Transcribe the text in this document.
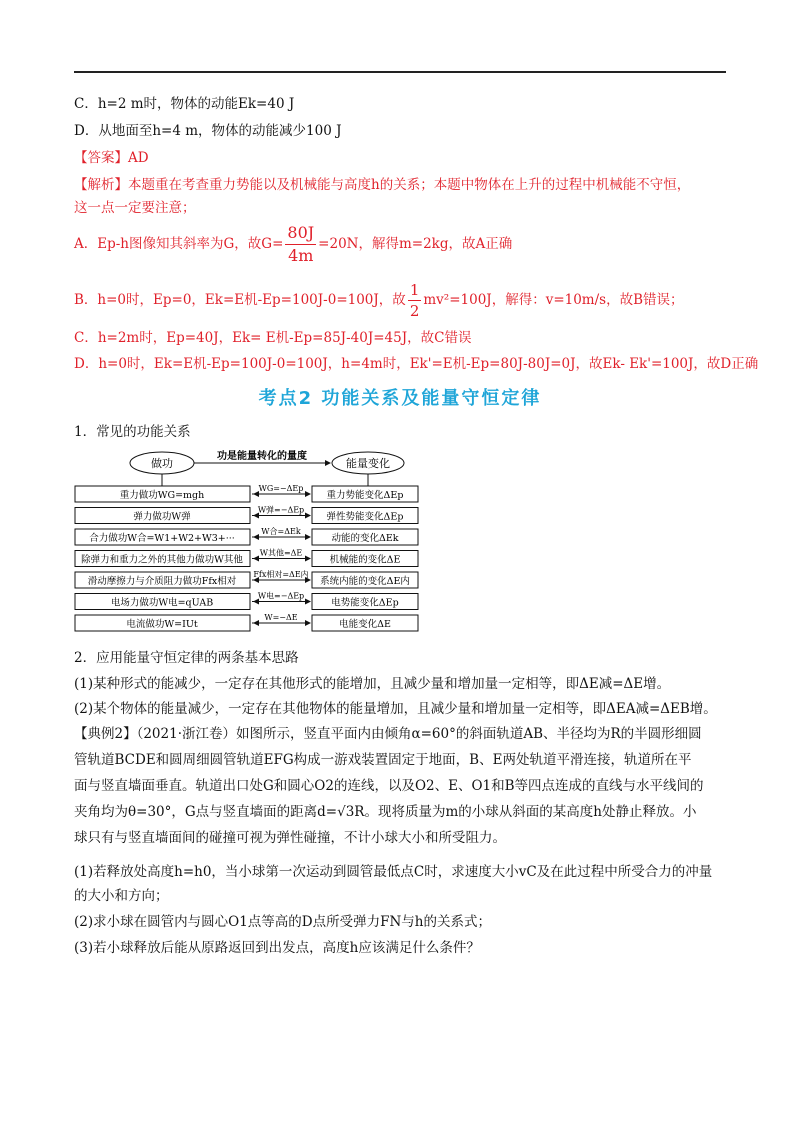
C．h=2 m时，物体的动能Ek=40 J
D．从地面至h=4 m，物体的动能减少100 J
【答案】AD
【解析】本题重在考查重力势能以及机械能与高度h的关系；本题中物体在上升的过程中机械能不守恒，
这一点一定要注意；
A．Ep-h图像知其斜率为G，故$G= \frac{80J}{4m} =20N$，解得m=2kg，故A正确
B．h=0时，Ep=0，Ek=E机-Ep=100J-0=100J，故 $\frac{1}{2} mv^2=100J$，解得：v=10m/s，故B错误；
C．h=2m时，Ep=40J，Ek= E机-Ep=85J-40J=45J，故C错误
D．h=0时，Ek=E机-Ep=100J-0=100J，h=4m时，Ek'=E机-Ep=80J-80J=0J，故Ek- Ek'=100J，故D正确
考点2 功能关系及能量守恒定律
1．常见的功能关系
做功	能量变化
功是能量转化的量度
重力做功WG=mgh	重力势能变化ΔEp
WG=−ΔEp
弹力做功W弹	弹性势能变化ΔEp
W弹=−ΔEp
合力做功W合=W1+W2+W3+···	动能的变化ΔEk
W合=ΔEk
除弹力和重力之外的其他力做功W其他	机械能的变化ΔE
W其他=ΔE
滑动摩擦力与介质阻力做功Ffx相对	系统内能的变化ΔE内
Ffx相对=ΔE内
电场力做功W电=qUAB	电势能变化ΔEp
W电=−ΔEp
电流做功W=IUt	电能变化ΔE
W=−ΔE
2．应用能量守恒定律的两条基本思路
(1)某种形式的能减少，一定存在其他形式的能增加，且减少量和增加量一定相等，即ΔE减=ΔE增。
(2)某个物体的能量减少，一定存在其他物体的能量增加，且减少量和增加量一定相等，即ΔEA减=ΔEB增。
【典例2】（2021·浙江卷）如图所示，竖直平面内由倾角α=60°的斜面轨道AB、半径均为R的半圆形细圆
管轨道BCDE和圆周细圆管轨道EFG构成一游戏装置固定于地面，B、E两处轨道平滑连接，轨道所在平
面与竖直墙面垂直。轨道出口处G和圆心O2的连线，以及O2、E、O1和B等四点连成的直线与水平线间的
夹角均为θ=30°，G点与竖直墙面的距离d=√3R。现将质量为m的小球从斜面的某高度h处静止释放。小
球只有与竖直墙面间的碰撞可视为弹性碰撞，不计小球大小和所受阻力。
(1)若释放处高度h=h0，当小球第一次运动到圆管最低点C时，求速度大小vC及在此过程中所受合力的冲量
的大小和方向；
(2)求小球在圆管内与圆心O1点等高的D点所受弹力FN与h的关系式；
(3)若小球释放后能从原路返回到出发点，高度h应该满足什么条件？
